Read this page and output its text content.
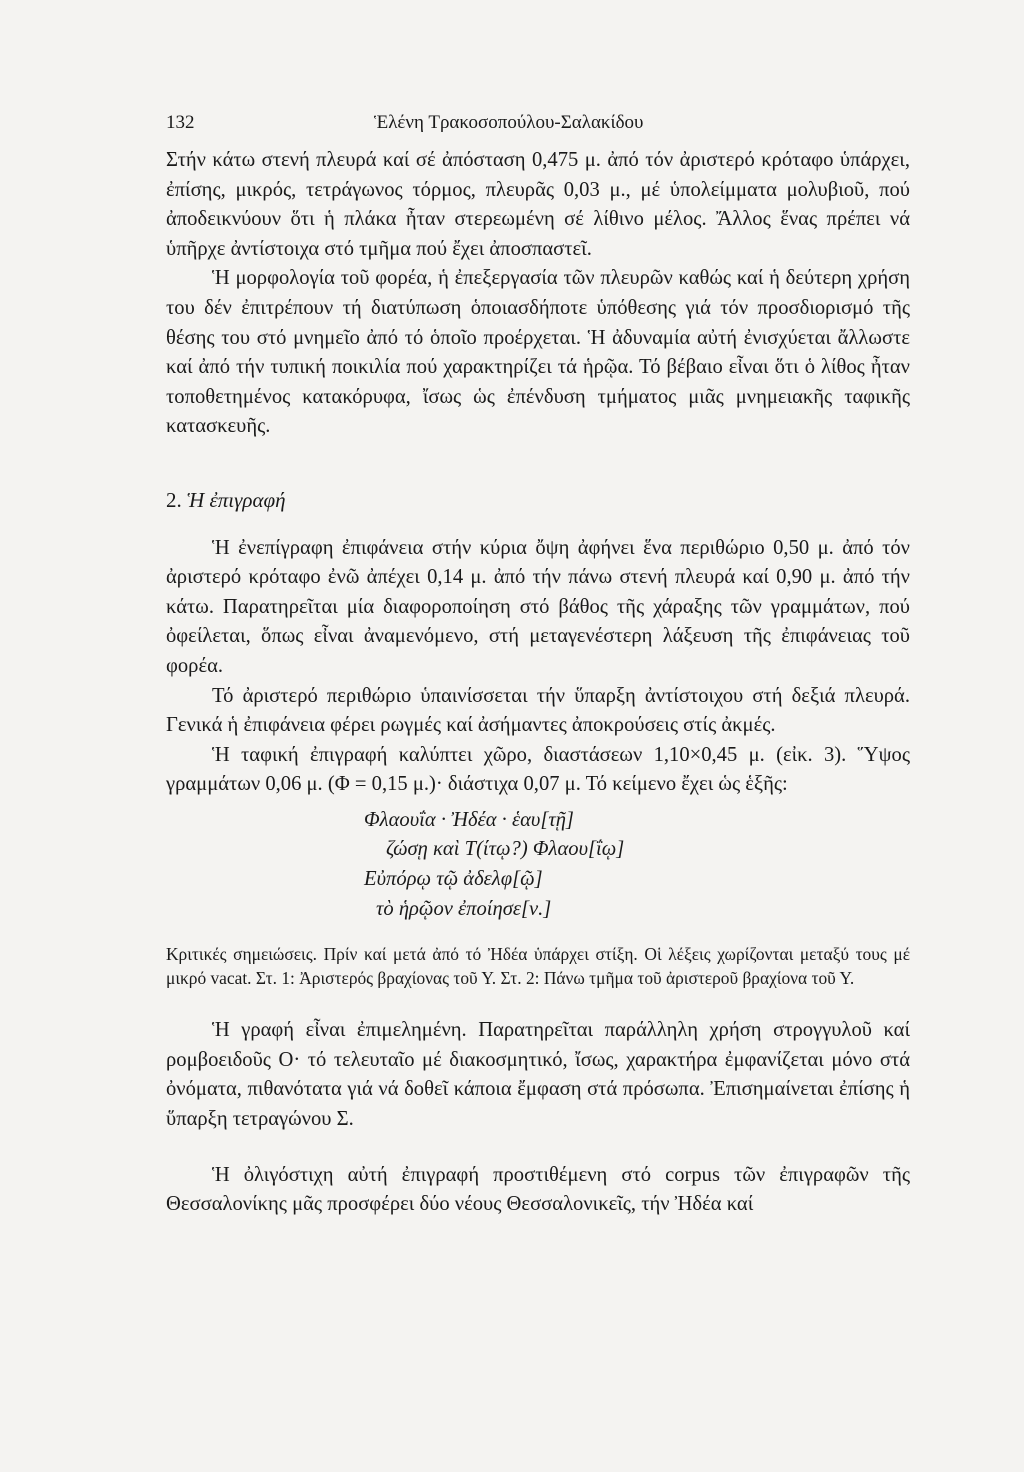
132	Ἑλένη Τρακοσοπούλου-Σαλακίδου

Στήν κάτω στενή πλευρά καί σέ ἀπόσταση 0,475 μ. ἀπό τόν ἀριστερό κρόταφο ὑπάρχει, ἐπίσης, μικρός, τετράγωνος τόρμος, πλευρᾶς 0,03 μ., μέ ὑπολείμματα μολυβιοῦ, πού ἀποδεικνύουν ὅτι ἡ πλάκα ἦταν στερεωμένη σέ λίθινο μέλος. Ἄλλος ἕνας πρέπει νά ὑπῆρχε ἀντίστοιχα στό τμῆμα πού ἔχει ἀποσπαστεῖ.

Ἡ μορφολογία τοῦ φορέα, ἡ ἐπεξεργασία τῶν πλευρῶν καθώς καί ἡ δεύτερη χρήση του δέν ἐπιτρέπουν τή διατύπωση ὁποιασδήποτε ὑπόθεσης γιά τόν προσδιορισμό τῆς θέσης του στό μνημεῖο ἀπό τό ὁποῖο προέρχεται. Ἡ ἀδυναμία αὐτή ἐνισχύεται ἄλλωστε καί ἀπό τήν τυπική ποικιλία πού χαρακτηρίζει τά ἡρῷα. Τό βέβαιο εἶναι ὅτι ὁ λίθος ἦταν τοποθετημένος κατακόρυφα, ἴσως ὡς ἐπένδυση τμήματος μιᾶς μνημειακῆς ταφικῆς κατασκευῆς.

2. Ἡ ἐπιγραφή

Ἡ ἐνεπίγραφη ἐπιφάνεια στήν κύρια ὄψη ἀφήνει ἕνα περιθώριο 0,50 μ. ἀπό τόν ἀριστερό κρόταφο ἐνῶ ἀπέχει 0,14 μ. ἀπό τήν πάνω στενή πλευρά καί 0,90 μ. ἀπό τήν κάτω. Παρατηρεῖται μία διαφοροποίηση στό βάθος τῆς χάραξης τῶν γραμμάτων, πού ὀφείλεται, ὅπως εἶναι ἀναμενόμενο, στή μεταγενέστερη λάξευση τῆς ἐπιφάνειας τοῦ φορέα.

Τό ἀριστερό περιθώριο ὑπαινίσσεται τήν ὕπαρξη ἀντίστοιχου στή δεξιά πλευρά. Γενικά ἡ ἐπιφάνεια φέρει ρωγμές καί ἀσήμαντες ἀποκρούσεις στίς ἀκμές.

Ἡ ταφική ἐπιγραφή καλύπτει χῶρο, διαστάσεων 1,10×0,45 μ. (εἰκ. 3). Ὕψος γραμμάτων 0,06 μ. (Φ = 0,15 μ.)· διάστιχα 0,07 μ. Τό κείμενο ἔχει ὡς ἑξῆς:

Φλαουΐα · Ἠδέα · ἑαυ[τῇ]
ζώσῃ καὶ Τ(ίτῳ?) Φλαου[ΐῳ]
Εὐπόρῳ τῷ ἀδελφ[ῷ]
τὸ ἡρῷον ἐποίησε[ν.]

Κριτικές σημειώσεις. Πρίν καί μετά ἀπό τό Ἠδέα ὑπάρχει στίξη. Οἱ λέξεις χωρίζονται μεταξύ τους μέ μικρό vacat. Στ. 1: Ἀριστερός βραχίονας τοῦ Υ. Στ. 2: Πάνω τμῆμα τοῦ ἀριστεροῦ βραχίονα τοῦ Υ.

Ἡ γραφή εἶναι ἐπιμελημένη. Παρατηρεῖται παράλληλη χρήση στρογγυλοῦ καί ρομβοειδοῦς Ο· τό τελευταῖο μέ διακοσμητικό, ἴσως, χαρακτήρα ἐμφανίζεται μόνο στά ὀνόματα, πιθανότατα γιά νά δοθεῖ κάποια ἔμφαση στά πρόσωπα. Ἐπισημαίνεται ἐπίσης ἡ ὕπαρξη τετραγώνου Σ.

Ἡ ὀλιγόστιχη αὐτή ἐπιγραφή προστιθέμενη στό corpus τῶν ἐπιγραφῶν τῆς Θεσσαλονίκης μᾶς προσφέρει δύο νέους Θεσσαλονικεῖς, τήν Ἠδέα καί
